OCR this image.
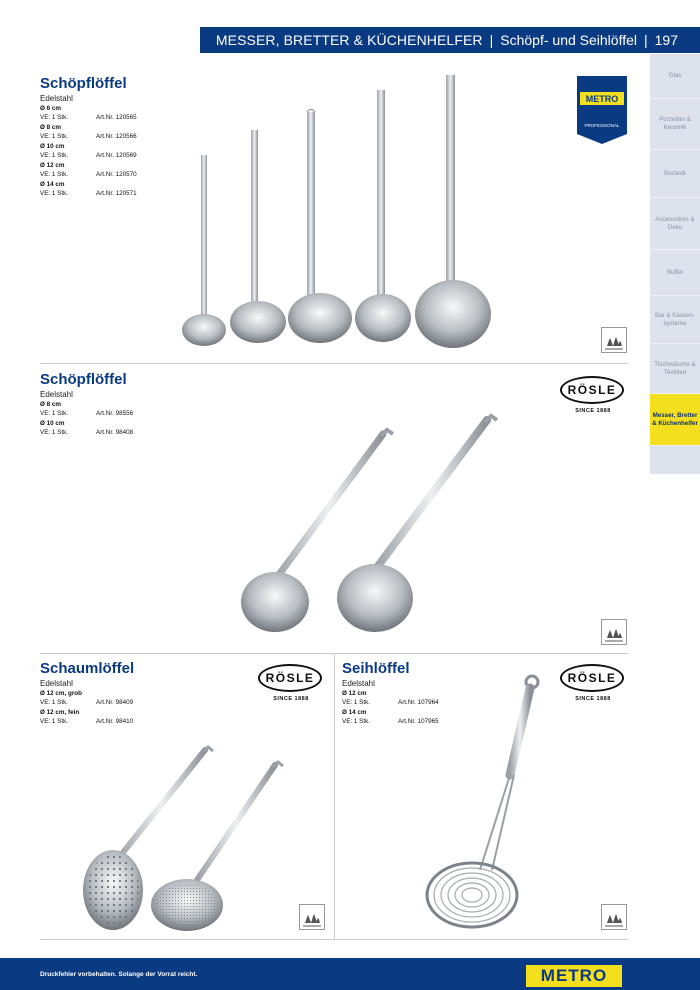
MESSER, BRETTER & KÜCHENHELFER | Schöpf- und Seihlöffel | 197
Glas
Porzellan & Keramik
Besteck
Accessoires & Deko
Buffet
Bar & Kassen-systeme
Tischwäsche & Textilien
Messer, Bretter & Küchenhelfer
Schöpflöffel
Edelstahl
Ø 6 cm
VE: 1 Stk.	Art.Nr. 120565
Ø 8 cm
VE: 1 Stk.	Art.Nr. 120566
Ø 10 cm
VE: 1 Stk.	Art.Nr. 120569
Ø 12 cm
VE: 1 Stk.	Art.Nr. 120570
Ø 14 cm
VE: 1 Stk.	Art.Nr. 120571
METRO
PROFESSIONAL
Schöpflöffel
Edelstahl
Ø 8 cm
VE: 1 Stk.	Art.Nr. 98556
Ø 10 cm
VE: 1 Stk.	Art.Nr. 98408
RÖSLE
SINCE 1888
Schaumlöffel
Edelstahl
Ø 12 cm, grob
VE: 1 Stk.	Art.Nr. 98409
Ø 12 cm, fein
VE: 1 Stk.	Art.Nr. 98410
RÖSLE
SINCE 1888
Seihlöffel
Edelstahl
Ø 12 cm
VE: 1 Stk.	Art.Nr. 107964
Ø 14 cm
VE: 1 Stk.	Art.Nr. 107965
RÖSLE
SINCE 1888
Druckfehler vorbehalten. Solange der Vorrat reicht.	METRO
